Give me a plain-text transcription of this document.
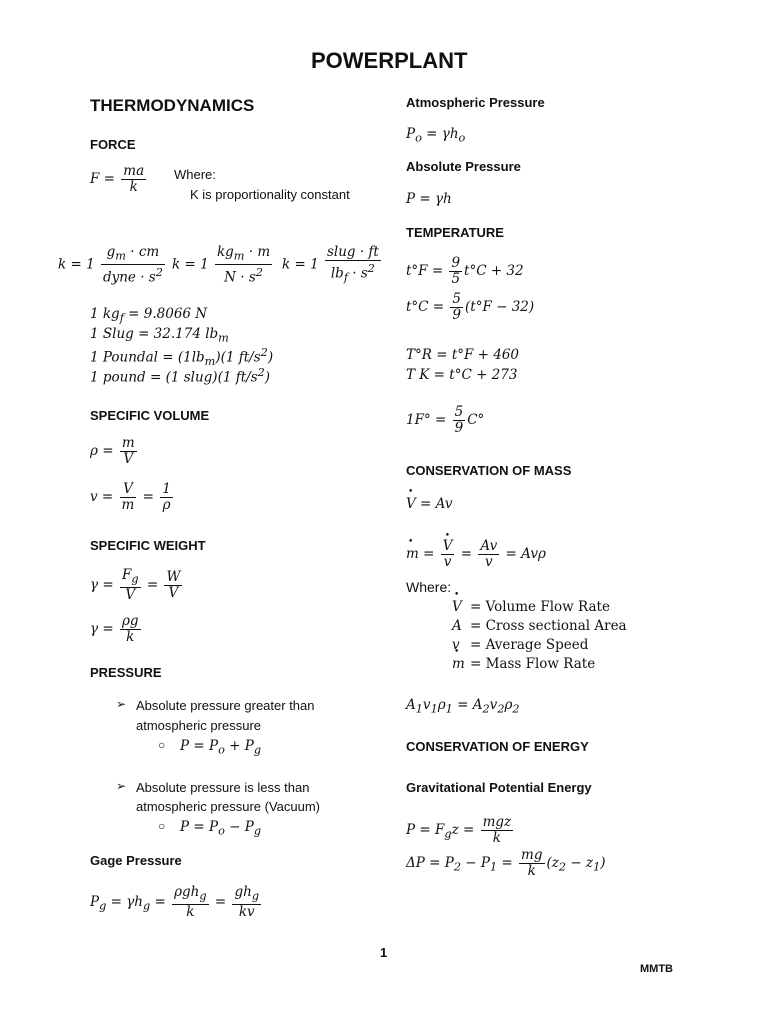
POWERPLANT
THERMODYNAMICS
FORCE
$F = \frac{ma}{k}$ Where:
K is proportionality constant
$k = 1 \frac{g_m \cdot cm}{dyne \cdot s^2}$ $k = 1 \frac{kg_m \cdot m}{N \cdot s^2}$ $k = 1 \frac{\text{slug · ft}}{lb_f \cdot s^2}$
1 $kg_f = 9.8066$ N
1 Slug = 32.174 $lb_m$
1 Poundal = $(1lb_m)(1$ $ft/s^2$)
1 pound = (1 slug)(1 $ft/s^2$)
SPECIFIC VOLUME
$\rho = \frac{m}{V}$
$v = \frac{V}{m} = \frac{1}{\rho}$
SPECIFIC WEIGHT
$\gamma = \frac{F_g}{V} = \frac{W}{V}$
$\gamma = \frac{\rho g}{k}$
PRESSURE
➢ Absolute pressure greater than
atmospheric pressure
○ $P = P_o + P_g$
➢ Absolute pressure is less than
atmospheric pressure (Vacuum)
○ $P = P_o - P_g$
Gage Pressure
$P_g = \gamma h_g = \frac{\rho gh_g}{k} = \frac{gh_g}{kv}$
Atmospheric Pressure
$P_o = \gamma h_o$
Absolute Pressure
P = γh
TEMPERATURE
$t^\circ F = \frac{9}{5} t^\circ C + 32$
$t^\circ C = \frac{5}{9} (t^\circ F - 32)$
T°R = t°F + 460
T K = t°C + 273
$1F^\circ = \frac{5}{9} C^\circ$
CONSERVATION OF MASS
• V = Av
• m =
• $\frac{V}{v} = \frac{Av}{v} = Av\rho$
Where:
• V = Volume Flow Rate
A = Cross sectional Area
v = Average Speed
• m = Mass Flow Rate
$A_1v_1\rho_1 = A_2v_2\rho_2$
CONSERVATION OF ENERGY
Gravitational Potential Energy
$P = F_gz = \frac{\text{mgz}}{k}$
$\Delta P = P_2 - P_1 = \frac{mg}{k} (z_2 - z_1)$
1
MMTB
